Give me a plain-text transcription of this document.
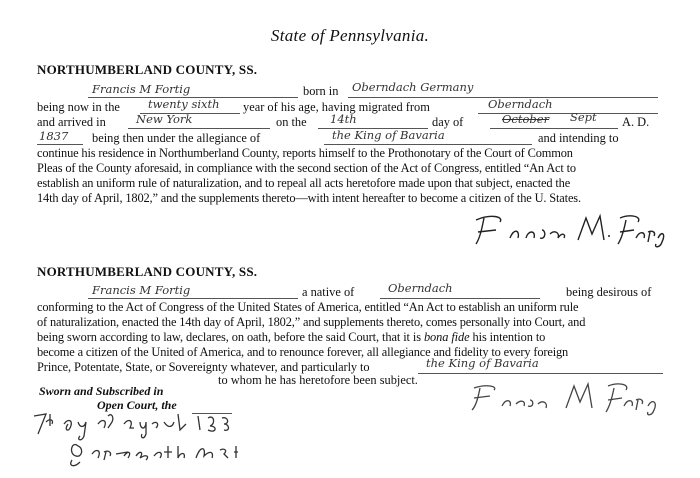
State of Pennsylvania.
NORTHUMBERLAND COUNTY, SS.
Francis M Fortig	born in Oberndach Germany
being now in the twenty sixth year of his age, having migrated from	Oberndach
and arrived in	New York	on the 14th	day of	October Sept A. D.
1837 being then under the allegiance of	the King of Bavaria	and intending to
continue his residence in Northumberland County, reports himself to the Prothonotary of the Court of Common
Pleas of the County aforesaid, in compliance with the second section of the Act of Congress, entitled “An Act to
establish an uniform rule of naturalization, and to repeal all acts heretofore made upon that subject, enacted the
14th day of April, 1802,” and the supplements thereto—with intent hereafter to become a citizen of the U. States.
NORTHUMBERLAND COUNTY, SS.
Francis M Fortig	a native of	Oberndach	being desirous of
conforming to the Act of Congress of the United States of America, entitled “An Act to establish an uniform rule
of naturalization, enacted the 14th day of April, 1802,” and supplements thereto, comes personally into Court, and
being sworn according to law, declares, on oath, before the said Court, that it is bona fide his intention to
become a citizen of the United of America, and to renounce forever, all allegiance and fidelity to every foreign
Prince, Potentate, State, or Sovereignty whatever, and particularly to	the King of Bavaria
to whom he has heretofore been subject.
Sworn and Subscribed in
Open Court, the
